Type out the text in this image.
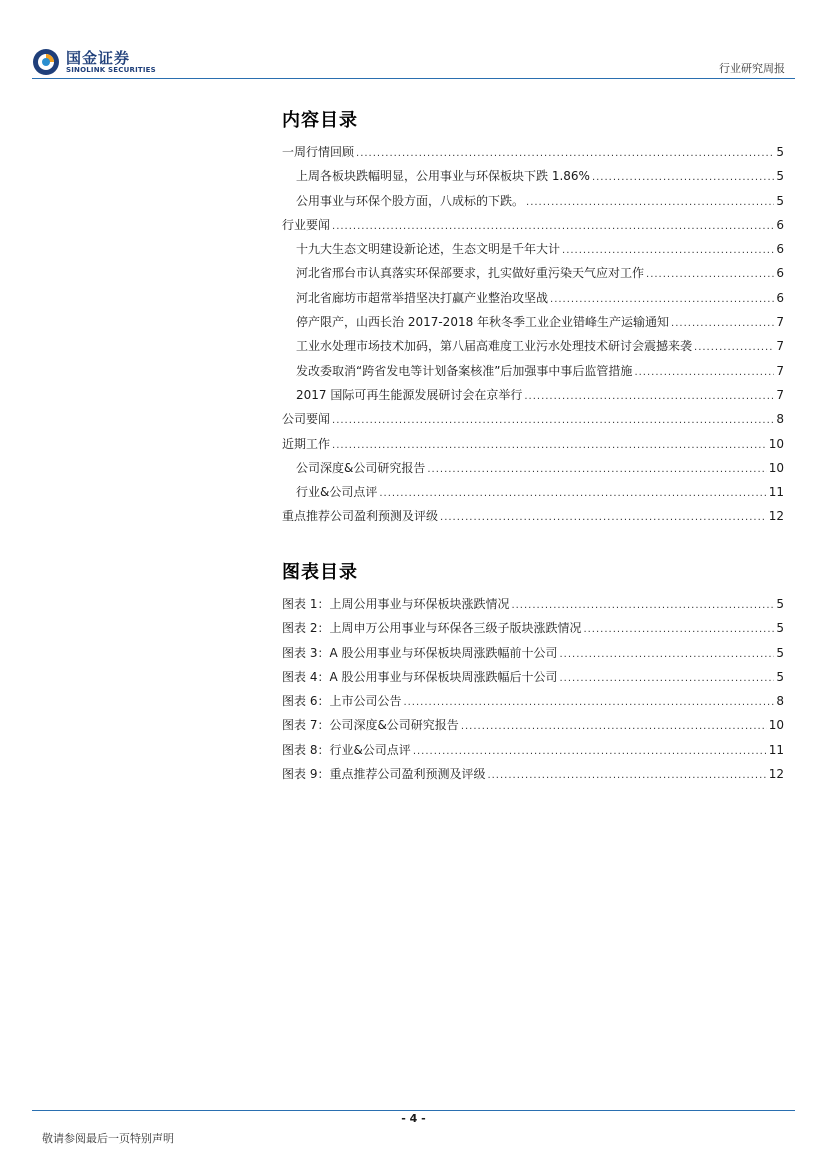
国金证券
SINOLINK SECURITIES	行业研究周报
内容目录
一周行情回顾 .....	5
上周各板块跌幅明显，公用事业与环保板块下跌 1.86% .....	5
公用事业与环保个股方面，八成标的下跌。 .....	5
行业要闻 .....	6
十九大生态文明建设新论述，生态文明是千年大计 .....	6
河北省邢台市认真落实环保部要求，扎实做好重污染天气应对工作 .....	6
河北省廊坊市超常举措坚决打赢产业整治攻坚战 .....	6
停产限产，山西长治 2017-2018 年秋冬季工业企业错峰生产运输通知 .....	7
工业水处理市场技术加码，第八届高难度工业污水处理技术研讨会震撼来袭 .....	7
发改委取消“跨省发电等计划备案核准”后加强事中事后监管措施 .....	7
2017 国际可再生能源发展研讨会在京举行 .....	7
公司要闻 .....	8
近期工作 .....	10
公司深度&公司研究报告 .....	10
行业&公司点评 .....	11
重点推荐公司盈利预测及评级 .....	12
图表目录
图表 1：上周公用事业与环保板块涨跌情况 .....	5
图表 2：上周申万公用事业与环保各三级子版块涨跌情况 .....	5
图表 3：A 股公用事业与环保板块周涨跌幅前十公司 .....	5
图表 4：A 股公用事业与环保板块周涨跌幅后十公司 .....	5
图表 6：上市公司公告 .....	8
图表 7：公司深度&公司研究报告 .....	10
图表 8：行业&公司点评 .....	11
图表 9：重点推荐公司盈利预测及评级 .....	12
- 4 -
敬请参阅最后一页特别声明
